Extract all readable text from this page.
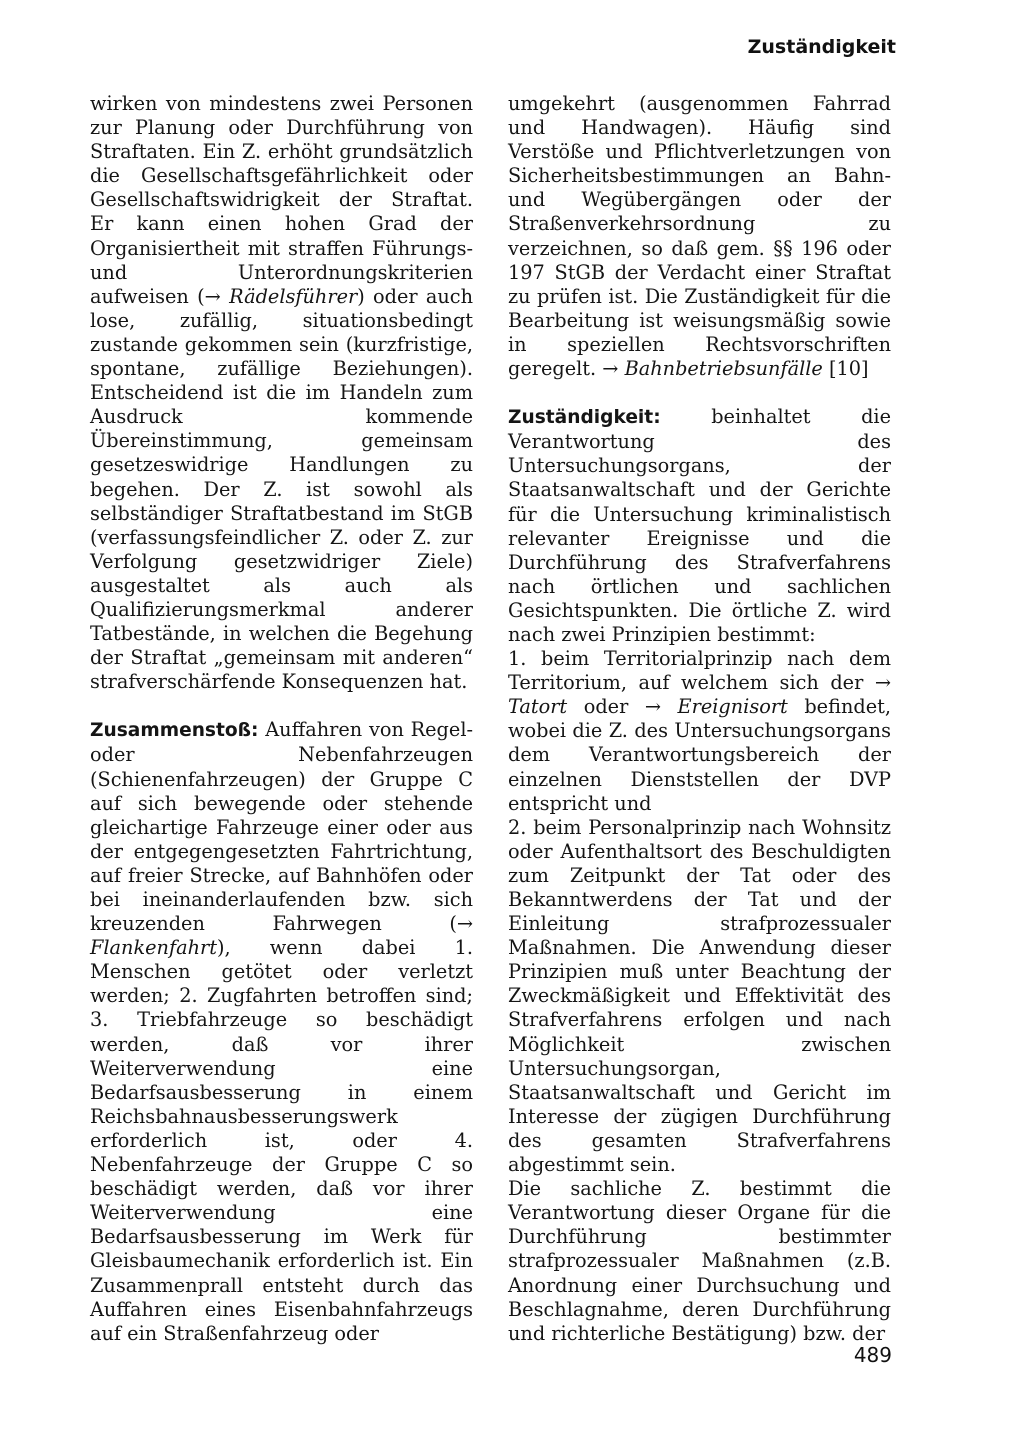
Zuständigkeit

wirken von mindestens zwei Personen zur Planung oder Durchführung von Straftaten. Ein Z. erhöht grundsätzlich die Gesellschaftsgefährlichkeit oder Gesellschaftswidrigkeit der Straftat. Er kann einen hohen Grad der Organisiertheit mit straffen Führungs- und Unterordnungskriterien aufweisen (→ Rädelsführer) oder auch lose, zufällig, situationsbedingt zustande gekommen sein (kurzfristige, spontane, zufällige Beziehungen). Entscheidend ist die im Handeln zum Ausdruck kommende Übereinstimmung, gemeinsam gesetzeswidrige Handlungen zu begehen. Der Z. ist sowohl als selbständiger Straftatbestand im StGB (verfassungsfeindlicher Z. oder Z. zur Verfolgung gesetzwidriger Ziele) ausgestaltet als auch als Qualifizierungsmerkmal anderer Tatbestände, in welchen die Begehung der Straftat „gemeinsam mit anderen“ strafverschärfende Konsequenzen hat.

Zusammenstoß: Auffahren von Regel- oder Nebenfahrzeugen (Schienenfahrzeugen) der Gruppe C auf sich bewegende oder stehende gleichartige Fahrzeuge einer oder aus der entgegengesetzten Fahrtrichtung, auf freier Strecke, auf Bahnhöfen oder bei ineinanderlaufenden bzw. sich kreuzenden Fahrwegen (→ Flankenfahrt), wenn dabei 1. Menschen getötet oder verletzt werden; 2. Zugfahrten betroffen sind; 3. Triebfahrzeuge so beschädigt werden, daß vor ihrer Weiterverwendung eine Bedarfsausbesserung in einem Reichsbahnausbesserungswerk erforderlich ist, oder 4. Nebenfahrzeuge der Gruppe C so beschädigt werden, daß vor ihrer Weiterverwendung eine Bedarfsausbesserung im Werk für Gleisbaumechanik erforderlich ist. Ein Zusammenprall entsteht durch das Auffahren eines Eisenbahnfahrzeugs auf ein Straßenfahrzeug oder

umgekehrt (ausgenommen Fahrrad und Handwagen). Häufig sind Verstöße und Pflichtverletzungen von Sicherheitsbestimmungen an Bahn- und Wegübergängen oder der Straßenverkehrsordnung zu verzeichnen, so daß gem. §§ 196 oder 197 StGB der Verdacht einer Straftat zu prüfen ist. Die Zuständigkeit für die Bearbeitung ist weisungsmäßig sowie in speziellen Rechtsvorschriften geregelt. → Bahnbetriebsunfälle [10]

Zuständigkeit: beinhaltet die Verantwortung des Untersuchungsorgans, der Staatsanwaltschaft und der Gerichte für die Untersuchung kriminalistisch relevanter Ereignisse und die Durchführung des Strafverfahrens nach örtlichen und sachlichen Gesichtspunkten. Die örtliche Z. wird nach zwei Prinzipien bestimmt:

1. beim Territorialprinzip nach dem Territorium, auf welchem sich der → Tatort oder → Ereignisort befindet, wobei die Z. des Untersuchungsorgans dem Verantwortungsbereich der einzelnen Dienststellen der DVP entspricht und

2. beim Personalprinzip nach Wohnsitz oder Aufenthaltsort des Beschuldigten zum Zeitpunkt der Tat oder des Bekanntwerdens der Tat und der Einleitung strafprozessualer Maßnahmen. Die Anwendung dieser Prinzipien muß unter Beachtung der Zweckmäßigkeit und Effektivität des Strafverfahrens erfolgen und nach Möglichkeit zwischen Untersuchungsorgan, Staatsanwaltschaft und Gericht im Interesse der zügigen Durchführung des gesamten Strafverfahrens abgestimmt sein.

Die sachliche Z. bestimmt die Verantwortung dieser Organe für die Durchführung bestimmter strafprozessualer Maßnahmen (z.B. Anordnung einer Durchsuchung und Beschlagnahme, deren Durchführung und richterliche Bestätigung) bzw. der

489
